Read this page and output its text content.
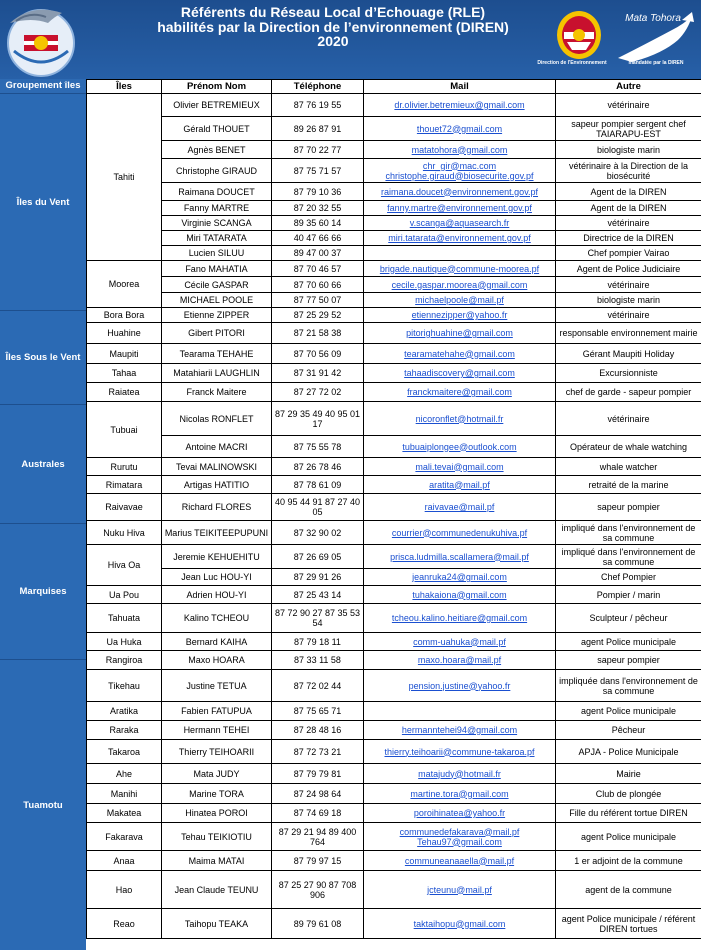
Référents du Réseau Local d’Echouage (RLE)
habilités par la Direction de l’environnement (DIREN)
2020
Direction de l'Environnement
Mata Tohora
mandatée par la DIREN
Groupement îles
Îles du Vent
Îles Sous le Vent
Australes
Marquises
Tuamotu
Îles	Prénom Nom	Téléphone	Mail	Autre
Tahiti	Olivier BETREMIEUX	87 76 19 55	dr.olivier.betremieux@gmail.com	vétérinaire
	Gérald THOUET	89 26 87 91	thouet72@gmail.com	sapeur pompier sergent chef TAIARAPU-EST
	Agnès BENET	87 70 22 77	matatohora@gmail.com	biologiste marin
	Christophe GIRAUD	87 75 71 57	chr_gir@mac.com christophe.giraud@biosecurite.gov.pf	vétérinaire à la Direction de la biosécurité
	Raimana DOUCET	87 79 10 36	raimana.doucet@environnement.gov.pf	Agent de la DIREN
	Fanny MARTRE	87 20 32 55	fanny.martre@environnement.gov.pf	Agent de la DIREN
	Virginie SCANGA	89 35 60 14	v.scanga@aquasearch.fr	vétérinaire
	Miri TATARATA	40 47 66 66	miri.tatarata@environnement.gov.pf	Directrice de la DIREN
	Lucien SILUU	89 47 00 37		Chef pompier Vairao
Moorea	Fano MAHATIA	87 70 46 57	brigade.nautique@commune-moorea.pf	Agent de Police Judiciaire
	Cécile GASPAR	87 70 60 66	cecile.gaspar.moorea@gmail.com	vétérinaire
	MICHAEL POOLE	87 77 50 07	michaelpoole@mail.pf	biologiste marin
Bora Bora	Etienne ZIPPER	87 25 29 52	etiennezipper@yahoo.fr	vétérinaire
Huahine	Gibert PITORI	87 21 58 38	pitorighuahine@gmail.com	responsable environnement mairie
Maupiti	Tearama TEHAHE	87 70 56 09	tearamatehahe@gmail.com	Gérant Maupiti Holiday
Tahaa	Matahiarii LAUGHLIN	87 31 91 42	tahaadiscovery@gmail.com	Excursionniste
Raiatea	Franck Maitere	87 27 72 02	franckmaitere@gmail.com	chef de garde - sapeur pompier
Tubuai	Nicolas RONFLET	87 29 35 49 40 95 01 17	nicoronflet@hotmail.fr	vétérinaire
	Antoine MACRI	87 75 55 78	tubuaiplongee@outlook.com	Opérateur de whale watching
Rurutu	Tevai MALINOWSKI	87 26 78 46	mali.tevai@gmail.com	whale watcher
Rimatara	Artigas HATITIO	87 78 61 09	aratita@mail.pf	retraité de la marine
Raivavae	Richard FLORES	40 95 44 91 87 27 40 05	raivavae@mail.pf	sapeur pompier
Nuku Hiva	Marius TEIKITEEPUPUNI	87 32 90 02	courrier@communedenukuhiva.pf	impliqué dans l'environnement de sa commune
Hiva Oa	Jeremie KEHUEHITU	87 26 69 05	prisca.ludmilla.scallamera@mail.pf	impliqué dans l'environnement de sa commune
	Jean Luc HOU-YI	87 29 91 26	jeanruka24@gmail.com	Chef Pompier
Ua Pou	Adrien HOU-YI	87 25 43 14	tuhakaiona@gmail.com	Pompier / marin
Tahuata	Kalino TCHEOU	87 72 90 27 87 35 53 54	tcheou.kalino.heitiare@gmail.com	Sculpteur / pêcheur
Ua Huka	Bernard KAIHA	87 79 18 11	comm-uahuka@mail.pf	agent Police municipale
Rangiroa	Maxo HOARA	87 33 11 58	maxo.hoara@mail.pf	sapeur pompier
Tikehau	Justine TETUA	87 72 02 44	pension.justine@yahoo.fr	impliquée dans l'environnement de sa commune
Aratika	Fabien FATUPUA	87 75 65 71		agent Police municipale
Raraka	Hermann TEHEI	87 28 48 16	hermanntehei94@gmail.com	Pêcheur
Takaroa	Thierry TEIHOARII	87 72 73 21	thierry.teihoarii@commune-takaroa.pf	APJA - Police Municipale
Ahe	Mata JUDY	87 79 79 81	matajudy@hotmail.fr	Mairie
Manihi	Marine TORA	87 24 98 64	martine.tora@gmail.com	Club de plongée
Makatea	Hinatea POROI	87 74 69 18	poroihinatea@yahoo.fr	Fille du référent tortue DIREN
Fakarava	Tehau TEIKIOTIU	87 29 21 94 89 400 764	communedefakarava@mail.pf Tehau97@gmail.com	agent Police municipale
Anaa	Maima MATAI	87 79 97 15	communeanaaella@mail.pf	1 er adjoint de la commune
Hao	Jean Claude TEUNU	87 25 27 90 87 708 906	jcteunu@mail.pf	agent de la commune
Reao	Taihopu TEAKA	89 79 61 08	taktaihopu@gmail.com	agent Police municipale / référent DIREN tortues
